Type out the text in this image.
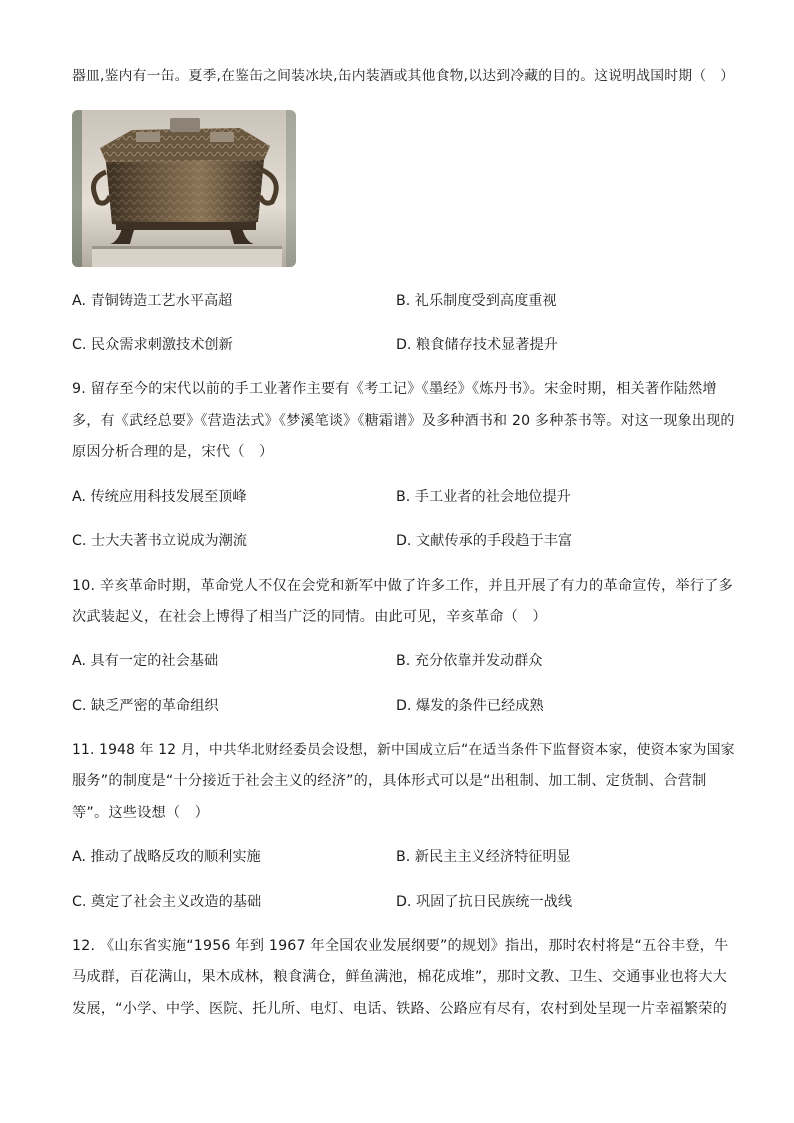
器皿,鉴内有一缶。夏季,在鉴缶之间装冰块,缶内装酒或其他食物,以达到冷藏的目的。这说明战国时期（　）
A. 青铜铸造工艺水平高超	B. 礼乐制度受到高度重视
C. 民众需求刺激技术创新	D. 粮食储存技术显著提升
9. 留存至今的宋代以前的手工业著作主要有《考工记》《墨经》《炼丹书》。宋金时期，相关著作陆然增
多，有《武经总要》《营造法式》《梦溪笔谈》《糖霜谱》及多种酒书和 20 多种茶书等。对这一现象出现的
原因分析合理的是，宋代（　）
A. 传统应用科技发展至顶峰	B. 手工业者的社会地位提升
C. 士大夫著书立说成为潮流	D. 文献传承的手段趋于丰富
10. 辛亥革命时期，革命党人不仅在会党和新军中做了许多工作，并且开展了有力的革命宣传，举行了多
次武装起义，在社会上博得了相当广泛的同情。由此可见，辛亥革命（　）
A. 具有一定的社会基础	B. 充分依靠并发动群众
C. 缺乏严密的革命组织	D. 爆发的条件已经成熟
11. 1948 年 12 月，中共华北财经委员会设想，新中国成立后“在适当条件下监督资本家，使资本家为国家
服务”的制度是“十分接近于社会主义的经济”的，具体形式可以是“出租制、加工制、定货制、合营制
等”。这些设想（　）
A. 推动了战略反攻的顺利实施	B. 新民主主义经济特征明显
C. 奠定了社会主义改造的基础	D. 巩固了抗日民族统一战线
12. 《山东省实施“1956 年到 1967 年全国农业发展纲要”的规划》指出，那时农村将是“五谷丰登，牛
马成群，百花满山，果木成林，粮食满仓，鲜鱼满池，棉花成堆”，那时文教、卫生、交通事业也将大大
发展，“小学、中学、医院、托儿所、电灯、电话、铁路、公路应有尽有，农村到处呈现一片幸福繁荣的
